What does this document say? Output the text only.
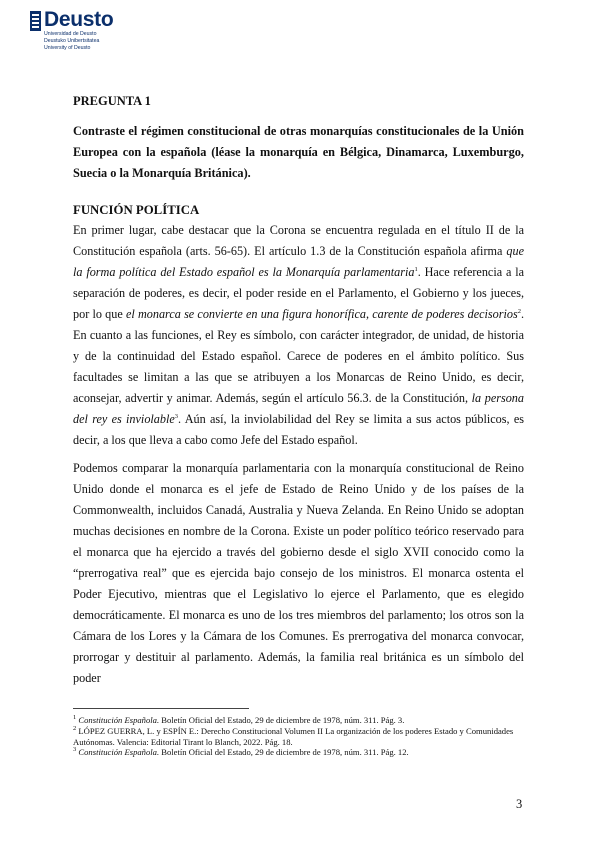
Deusto
Universidad de Deusto
Deustuko Unibertsitatea
University of Deusto

PREGUNTA 1

Contraste el régimen constitucional de otras monarquías constitucionales de la Unión Europea con la española (léase la monarquía en Bélgica, Dinamarca, Luxemburgo, Suecia o la Monarquía Británica).

FUNCIÓN POLÍTICA

En primer lugar, cabe destacar que la Corona se encuentra regulada en el título II de la Constitución española (arts. 56-65). El artículo 1.3 de la Constitución española afirma que la forma política del Estado español es la Monarquía parlamentaria$^1$. Hace referencia a la separación de poderes, es decir, el poder reside en el Parlamento, el Gobierno y los jueces, por lo que el monarca se convierte en una figura honorífica, carente de poderes decisorios$^2$. En cuanto a las funciones, el Rey es símbolo, con carácter integrador, de unidad, de historia y de la continuidad del Estado español. Carece de poderes en el ámbito político. Sus facultades se limitan a las que se atribuyen a los Monarcas de Reino Unido, es decir, aconsejar, advertir y animar. Además, según el artículo 56.3. de la Constitución, la persona del rey es inviolable$^3$. Aún así, la inviolabilidad del Rey se limita a sus actos públicos, es decir, a los que lleva a cabo como Jefe del Estado español.

Podemos comparar la monarquía parlamentaria con la monarquía constitucional de Reino Unido donde el monarca es el jefe de Estado de Reino Unido y de los países de la Commonwealth, incluidos Canadá, Australia y Nueva Zelanda. En Reino Unido se adoptan muchas decisiones en nombre de la Corona. Existe un poder político teórico reservado para el monarca que ha ejercido a través del gobierno desde el siglo XVII conocido como la “prerrogativa real” que es ejercida bajo consejo de los ministros. El monarca ostenta el Poder Ejecutivo, mientras que el Legislativo lo ejerce el Parlamento, que es elegido democráticamente. El monarca es uno de los tres miembros del parlamento; los otros son la Cámara de los Lores y la Cámara de los Comunes. Es prerrogativa del monarca convocar, prorrogar y destituir al parlamento. Además, la familia real británica es un símbolo del poder

$^1$ Constitución Española. Boletín Oficial del Estado, 29 de diciembre de 1978, núm. 311. Pág. 3.

$^2$ LÓPEZ GUERRA, L. y ESPÍN E.: Derecho Constitucional Volumen II La organización de los poderes Estado y Comunidades Autónomas. Valencia: Editorial Tirant lo Blanch, 2022. Pág. 18.

$^3$ Constitución Española. Boletín Oficial del Estado, 29 de diciembre de 1978, núm. 311. Pág. 12.

3
